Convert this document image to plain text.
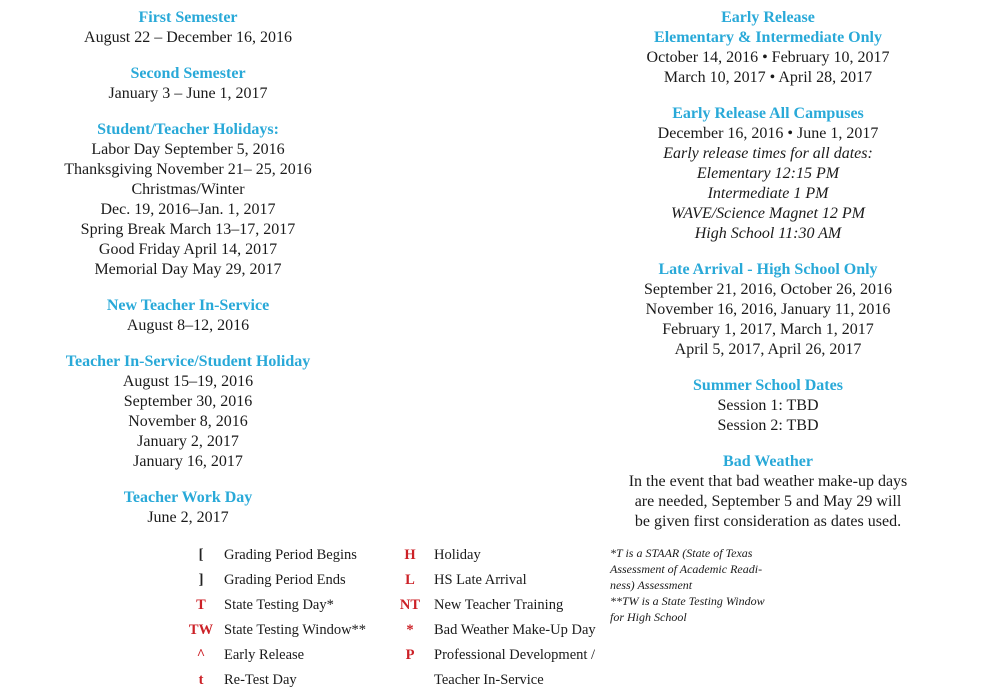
First Semester
August 22 – December 16, 2016
Second Semester
January 3 – June 1, 2017
Student/Teacher Holidays:
Labor Day September 5, 2016
Thanksgiving November 21– 25, 2016
Christmas/Winter
Dec. 19, 2016–Jan. 1, 2017
Spring Break March 13–17, 2017
Good Friday April 14, 2017
Memorial Day May 29, 2017
New Teacher In-Service
August 8–12, 2016
Teacher In-Service/Student Holiday
August 15–19, 2016
September 30, 2016
November 8, 2016
January 2, 2017
January 16, 2017
Teacher Work Day
June 2, 2017
Early Release
Elementary & Intermediate Only
October 14, 2016 • February 10, 2017
March 10, 2017 • April 28, 2017
Early Release All Campuses
December 16, 2016 • June 1, 2017
Early release times for all dates:
Elementary 12:15 PM
Intermediate 1 PM
WAVE/Science Magnet 12 PM
High School 11:30 AM
Late Arrival - High School Only
September 21, 2016, October 26, 2016
November 16, 2016, January 11, 2016
February 1, 2017, March 1, 2017
April 5, 2017, April 26, 2017
Summer School Dates
Session 1: TBD
Session 2: TBD
Bad Weather
In the event that bad weather make-up days
are needed, September 5 and May 29 will
be given first consideration as dates used.
[	Grading Period Begins
]	Grading Period Ends
T	State Testing Day*
TW State Testing Window**
^	Early Release
t	Re-Test Day
H	Holiday
L	HS Late Arrival
NT New Teacher Training
*	Bad Weather Make-Up Day
P	Professional Development /
Teacher In-Service
*T is a STAAR (State of Texas
Assessment of Academic Readi-
ness) Assessment
**TW is a State Testing Window
for High School
